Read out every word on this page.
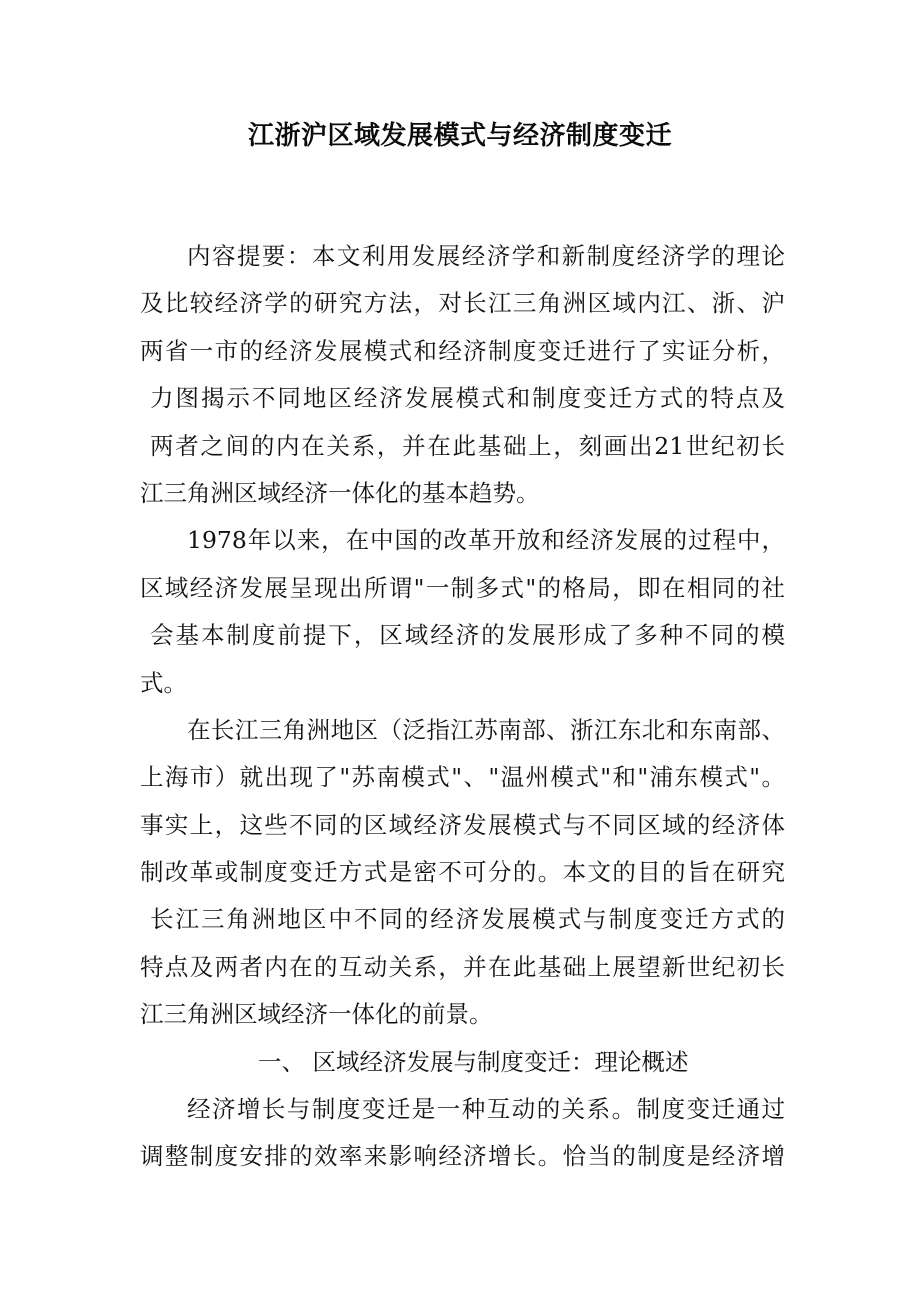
江浙沪区域发展模式与经济制度变迁
内容提要：本文利用发展经济学和新制度经济学的理论
及比较经济学的研究方法，对长江三角洲区域内江、浙、沪
两省一市的经济发展模式和经济制度变迁进行了实证分析，
力图揭示不同地区经济发展模式和制度变迁方式的特点及
两者之间的内在关系，并在此基础上，刻画出21世纪初长
江三角洲区域经济一体化的基本趋势。
1978年以来，在中国的改革开放和经济发展的过程中，
区域经济发展呈现出所谓"一制多式"的格局，即在相同的社
会基本制度前提下，区域经济的发展形成了多种不同的模
式。
在长江三角洲地区（泛指江苏南部、浙江东北和东南部、
上海市）就出现了"苏南模式"、"温州模式"和"浦东模式"。
事实上，这些不同的区域经济发展模式与不同区域的经济体
制改革或制度变迁方式是密不可分的。本文的目的旨在研究
长江三角洲地区中不同的经济发展模式与制度变迁方式的
特点及两者内在的互动关系，并在此基础上展望新世纪初长
江三角洲区域经济一体化的前景。
一、 区域经济发展与制度变迁：理论概述
经济增长与制度变迁是一种互动的关系。制度变迁通过
调整制度安排的效率来影响经济增长。恰当的制度是经济增
